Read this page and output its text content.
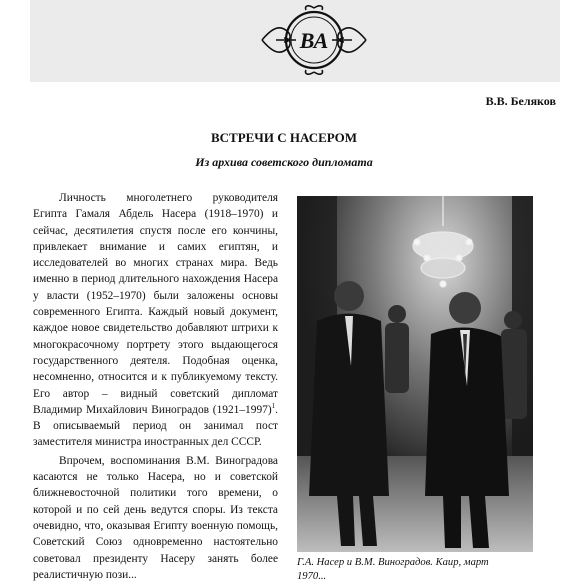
ВА
В.В. Беляков
ВСТРЕЧИ С НАСЕРОМ
Из архива советского дипломата

Личность многолетнего руководителя Египта Гамаля Абдель Насера (1918–1970) и сейчас, десятилетия спустя после его кончины, привлекает внимание и самих египтян, и исследователей во многих странах мира. Ведь именно в период длительного нахождения Насера у власти (1952–1970) были заложены основы современного Египта. Каждый новый документ, каждое новое свидетельство добавляют штрихи к многокрасочному портрету этого выдающегося государственного деятеля. Подобная оценка, несомненно, относится и к публикуемому тексту. Его автор – видный советский дипломат Владимир Михайлович Виноградов (1921–1997)$^1$. В описываемый период он занимал пост заместителя министра иностранных дел СССР.

Впрочем, воспоминания В.М. Виноградова касаются не только Насера, но и советской ближневосточной политики того времени, о которой и по сей день ведутся споры. Из текста очевидно, что, оказывая Египту военную помощь, Советский Союз одновременно настоятельно советовал президенту Насеру занять более реалистичную пози...

Г.А. Насер и В.М. Виноградов. Каир, март
1970...
